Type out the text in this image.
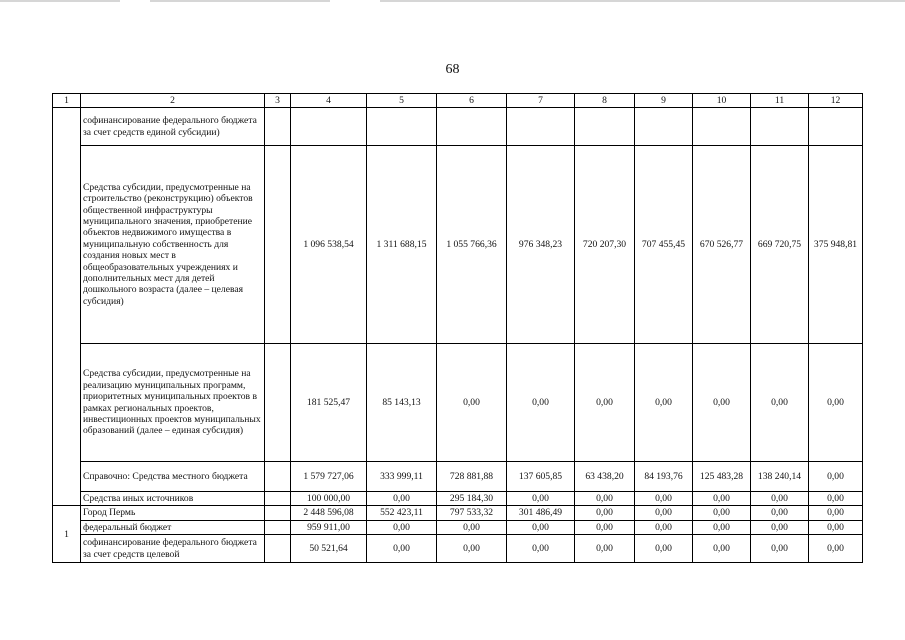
68
1	2	3	4	5	6	7	8	9	10	11	12
	софинансирование федерального бюджета за счет средств единой субсидии)										
	Средства субсидии, предусмотренные на строительство (реконструкцию) объектов общественной инфраструктуры муниципального значения, приобретение объектов недвижимого имущества в муниципальную собственность для создания новых мест в общеобразовательных учреждениях и дополнительных мест для детей дошкольного возраста (далее – целевая субсидия)		1 096 538,54	1 311 688,15	1 055 766,36	976 348,23	720 207,30	707 455,45	670 526,77	669 720,75	375 948,81
	Средства субсидии, предусмотренные на реализацию муниципальных программ, приоритетных муниципальных проектов в рамках региональных проектов, инвестиционных проектов муниципальных образований (далее – единая субсидия)		181 525,47	85 143,13	0,00	0,00	0,00	0,00	0,00	0,00	0,00
	Справочно: Средства местного бюджета		1 579 727,06	333 999,11	728 881,88	137 605,85	63 438,20	84 193,76	125 483,28	138 240,14	0,00
	Средства иных источников		100 000,00	0,00	295 184,30	0,00	0,00	0,00	0,00	0,00	0,00
1	Город Пермь		2 448 596,08	552 423,11	797 533,32	301 486,49	0,00	0,00	0,00	0,00	0,00
	федеральный бюджет		959 911,00	0,00	0,00	0,00	0,00	0,00	0,00	0,00	0,00
	софинансирование федерального бюджета за счет средств целевой		50 521,64	0,00	0,00	0,00	0,00	0,00	0,00	0,00	0,00
